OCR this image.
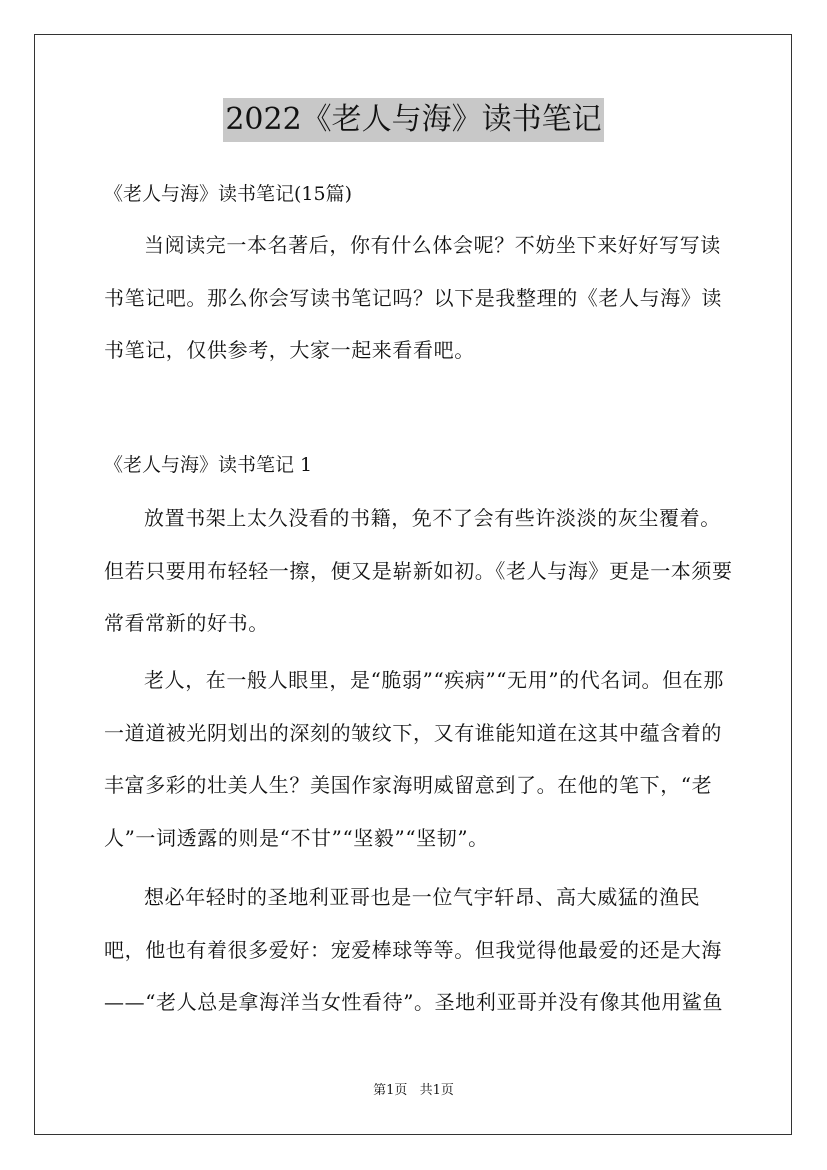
2022《老人与海》读书笔记
《老人与海》读书笔记(15篇)

当阅读完一本名著后，你有什么体会呢？不妨坐下来好好写写读书笔记吧。那么你会写读书笔记吗？以下是我整理的《老人与海》读书笔记，仅供参考，大家一起来看看吧。

《老人与海》读书笔记 1

放置书架上太久没看的书籍，免不了会有些许淡淡的灰尘覆着。但若只要用布轻轻一擦，便又是崭新如初。《老人与海》更是一本须要常看常新的好书。

老人，在一般人眼里，是“脆弱”“疾病”“无用”的代名词。但在那一道道被光阴划出的深刻的皱纹下，又有谁能知道在这其中蕴含着的丰富多彩的壮美人生？美国作家海明威留意到了。在他的笔下，“老人”一词透露的则是“不甘”“坚毅”“坚韧”。

想必年轻时的圣地利亚哥也是一位气宇轩昂、高大威猛的渔民吧，他也有着很多爱好：宠爱棒球等等。但我觉得他最爱的还是大海——“老人总是拿海洋当女性看待”。圣地利亚哥并没有像其他用鲨鱼

第1页 共1页
